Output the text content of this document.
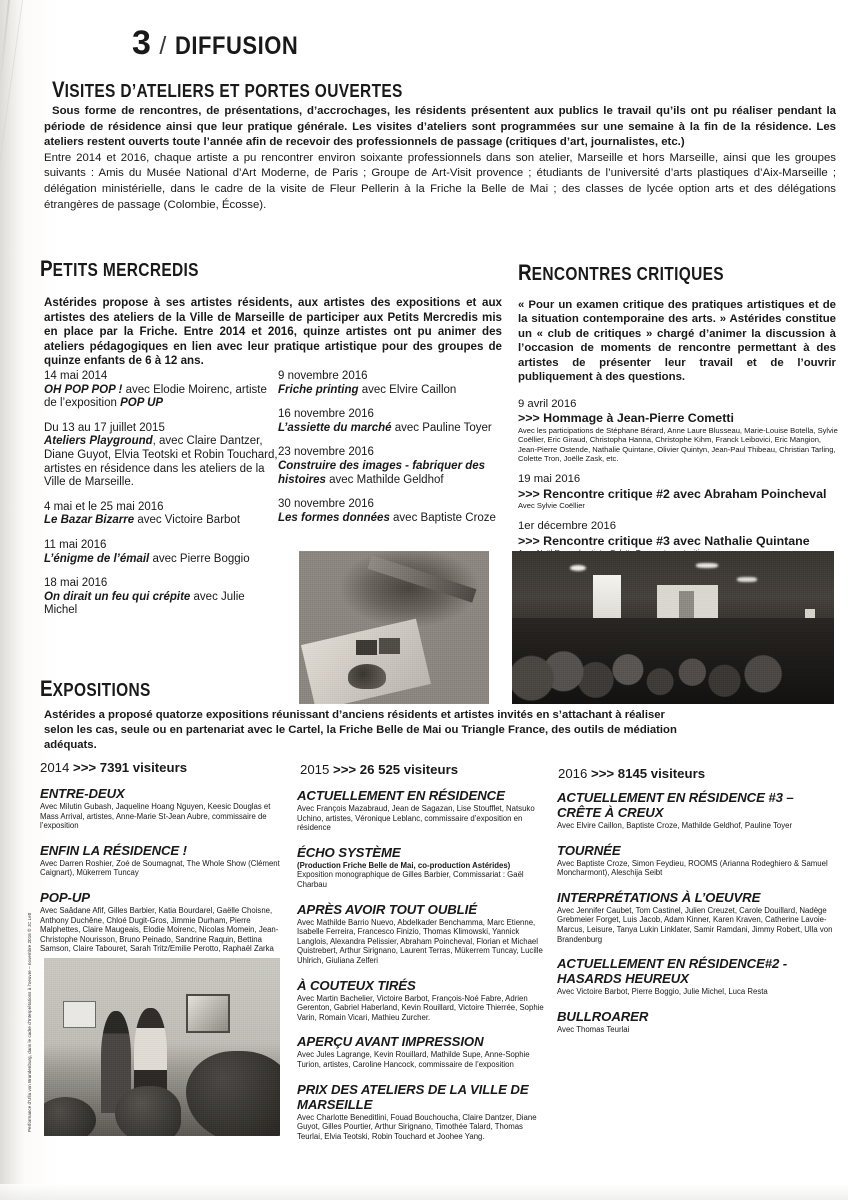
3 / DIFFUSION
VISITES D’ATELIERS ET PORTES OUVERTES

Sous forme de rencontres, de présentations, d’accrochages, les résidents présentent aux publics le travail qu’ils ont pu réaliser pendant la période de résidence ainsi que leur pratique générale. Les visites d’ateliers sont programmées sur une semaine à la fin de la résidence. Les ateliers restent ouverts toute l’année afin de recevoir des professionnels de passage (critiques d’art, journalistes, etc.)

Entre 2014 et 2016, chaque artiste a pu rencontrer environ soixante professionnels dans son atelier, Marseille et hors Marseille, ainsi que les groupes suivants : Amis du Musée National d’Art Moderne, de Paris ; Groupe de Art-Visit provence ; étudiants de l’université d’arts plastiques d’Aix-Marseille ; délégation ministérielle, dans le cadre de la visite de Fleur Pellerin à la Friche la Belle de Mai ; des classes de lycée option arts et des délégations étrangères de passage (Colombie, Écosse).

PETITS MERCREDIS
Astérides propose à ses artistes résidents, aux artistes des expositions et aux artistes des ateliers de la Ville de Marseille de participer aux Petits Mercredis mis en place par la Friche. Entre 2014 et 2016, quinze artistes ont pu animer des ateliers pédagogiques en lien avec leur pratique artistique pour des groupes de quinze enfants de 6 à 12 ans.
14 mai 2014
OH POP POP ! avec Elodie Moirenc, artiste de l’exposition POP UP
Du 13 au 17 juillet 2015
Ateliers Playground, avec Claire Dantzer, Diane Guyot, Elvia Teotski et Robin Touchard, artistes en résidence dans les ateliers de la Ville de Marseille.
4 mai et le 25 mai 2016
Le Bazar Bizarre avec Victoire Barbot
11 mai 2016
L’énigme de l’émail avec Pierre Boggio
18 mai 2016
On dirait un feu qui crépite avec Julie Michel
9 novembre 2016
Friche printing avec Elvire Caillon
16 novembre 2016
L’assiette du marché avec Pauline Toyer
23 novembre 2016
Construire des images - fabriquer des histoires avec Mathilde Geldhof
30 novembre 2016
Les formes données avec Baptiste Croze
RENCONTRES CRITIQUES
« Pour un examen critique des pratiques artistiques et de la situation contemporaine des arts. » Astérides constitue un « club de critiques » chargé d’animer la discussion à l’occasion de moments de rencontre permettant à des artistes de présenter leur travail et de l’ouvrir publiquement à des questions.
9 avril 2016
>>> Hommage à Jean-Pierre Cometti
Avec les participations de Stéphane Bérard, Anne Laure Blusseau, Marie-Louise Botella, Sylvie Coëllier, Eric Giraud, Christopha Hanna, Christophe Kihm, Franck Leibovici, Eric Mangion, Jean-Pierre Ostende, Nathalie Quintane, Olivier Quintyn, Jean-Paul Thibeau, Christian Tarling, Colette Tron, Joëlle Zask, etc.
19 mai 2016
>>> Rencontre critique #2 avec Abraham Poincheval
Avec Sylvie Coëllier
1er décembre 2016
>>> Rencontre critique #3 avec Nathalie Quintane
EXPOSITIONS
Astérides a proposé quatorze expositions réunissant d’anciens résidents et artistes invités en s’attachant à réaliser selon les cas, seule ou en partenariat avec le Cartel, la Friche Belle de Mai ou Triangle France, des outils de médiation adéquats.
2014 >>> 7391 visiteurs	2015 >>> 26 525 visiteurs	2016 >>> 8145 visiteurs
ENTRE-DEUX
Avec Milutin Gubash, Jaqueline Hoang Nguyen, Keesic Douglas et Mass Arrival, artistes, Anne-Marie St-Jean Aubre, commissaire de l’exposition
ENFIN LA RÉSIDENCE !
Avec Darren Roshier, Zoé de Soumagnat, The Whole Show (Clément Caignart), Mükerrem Tuncay
POP-UP
Avec Saâdane Afif, Gilles Barbier, Katia Bourdarel, Gaëlle Choisne, Anthony Duchêne, Chloé Dugit-Gros, Jimmie Durham, Pierre Malphettes, Claire Maugeais, Elodie Moirenc, Nicolas Momein, Jean-Christophe Nourisson, Bruno Peinado, Sandrine Raquin, Bettina Samson, Claire Tabouret, Sarah Tritz/Emilie Perotto, Raphaël Zarka
ACTUELLEMENT EN RÉSIDENCE
Avec François Mazabraud, Jean de Sagazan, Lise Stoufflet, Natsuko Uchino, artistes, Véronique Leblanc, commissaire d’exposition en résidence
ÉCHO SYSTÈME
(Production Friche Belle de Mai, co-production Astérides)
Exposition monographique de Gilles Barbier, Commissariat : Gaël Charbau
APRÈS AVOIR TOUT OUBLIÉ
Avec Mathilde Barrio Nuevo, Abdelkader Benchamma, Marc Etienne, Isabelle Ferreira, Francesco Finizio, Thomas Klimowski, Yannick Langlois, Alexandra Pelissier, Abraham Poincheval, Florian et Michael Quistrebert, Arthur Sirignano, Laurent Terras, Mükerrem Tuncay, Lucille Uhlrich, Giuliana Zelferi
À COUTEUX TIRÉS
Avec Martin Bachelier, Victoire Barbot, François-Noé Fabre, Adrien Gerenton, Gabriel Haberland, Kevin Rouillard, Victoire Thierrée, Sophie Varin, Romain Vicari, Mathieu Zurcher.
APERÇU AVANT IMPRESSION
Avec Jules Lagrange, Kevin Rouillard, Mathilde Supe, Anne-Sophie Turion, artistes, Caroline Hancock, commissaire de l’exposition
PRIX DES ATELIERS DE LA VILLE DE MARSEILLE
Avec Charlotte Beneditlini, Fouad Bouchoucha, Claire Dantzer, Diane Guyot, Gilles Pourtier, Arthur Sirignano, Timothée Talard, Thomas Teurlai, Elvia Teotski, Robin Touchard et Joohee Yang.
ACTUELLEMENT EN RÉSIDENCE #3 – CRÊTE À CREUX
Avec Elvire Caillon, Baptiste Croze, Mathilde Geldhof, Pauline Toyer
TOURNÉE
Avec Baptiste Croze, Simon Feydieu, ROOMS (Arianna Rodeghiero & Samuel Moncharmont), Aleschija Seibt
INTERPRÉTATIONS À L’OEUVRE
Avec Jennifer Caubet, Tom Castinel, Julien Creuzet, Carole Douillard, Nadège Grebmeier Forget, Luis Jacob, Adam Kinner, Karen Kraven, Catherine Lavoie-Marcus, Leisure, Tanya Lukin Linklater, Samir Ramdani, Jimmy Robert, Ulla von Brandenburg
ACTUELLEMENT EN RÉSIDENCE#2 - HASARDS HEUREUX
Avec Victoire Barbot, Pierre Boggio, Julie Michel, Luca Resta
BULLROARER
Avec Thomas Teurlai
Performance d’Ulla von Brandenburg, dans le cadre d’Interprétations à l’oeuvre – novembre 2016 © JC Lett
